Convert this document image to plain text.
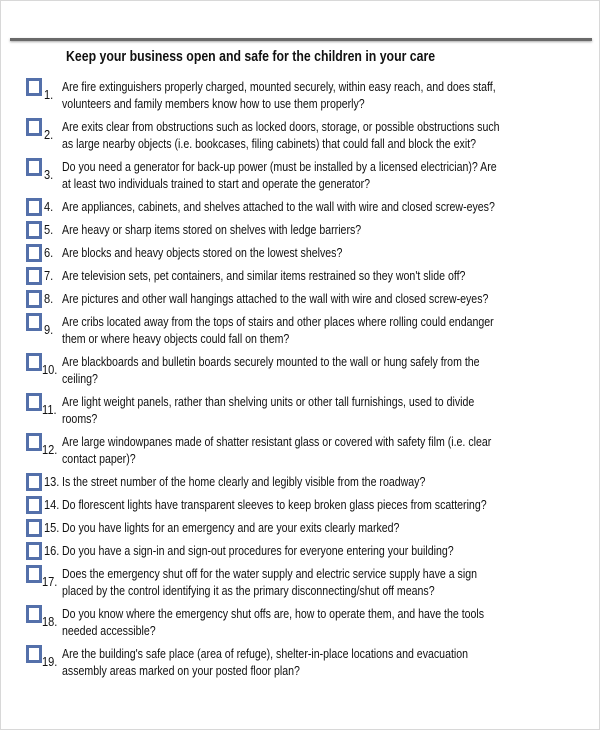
Keep your business open and safe for the children in your care
1.
Are fire extinguishers properly charged, mounted securely, within easy reach, and does staff,
volunteers and family members know how to use them properly?
2.
Are exits clear from obstructions such as locked doors, storage, or possible obstructions such
as large nearby objects (i.e. bookcases, filing cabinets) that could fall and block the exit?
3.
Do you need a generator for back-up power (must be installed by a licensed electrician)? Are
at least two individuals trained to start and operate the generator?
4. Are appliances, cabinets, and shelves attached to the wall with wire and closed screw-eyes?
5. Are heavy or sharp items stored on shelves with ledge barriers?
6. Are blocks and heavy objects stored on the lowest shelves?
7. Are television sets, pet containers, and similar items restrained so they won't slide off?
8. Are pictures and other wall hangings attached to the wall with wire and closed screw-eyes?
9.
Are cribs located away from the tops of stairs and other places where rolling could endanger
them or where heavy objects could fall on them?
10.
Are blackboards and bulletin boards securely mounted to the wall or hung safely from the
ceiling?
11.
Are light weight panels, rather than shelving units or other tall furnishings, used to divide
rooms?
12.
Are large windowpanes made of shatter resistant glass or covered with safety film (i.e. clear
contact paper)?
13. Is the street number of the home clearly and legibly visible from the roadway?
14. Do florescent lights have transparent sleeves to keep broken glass pieces from scattering?
15. Do you have lights for an emergency and are your exits clearly marked?
16. Do you have a sign-in and sign-out procedures for everyone entering your building?
17.
Does the emergency shut off for the water supply and electric service supply have a sign
placed by the control identifying it as the primary disconnecting/shut off means?
18.
Do you know where the emergency shut offs are, how to operate them, and have the tools
needed accessible?
19.
Are the building's safe place (area of refuge), shelter-in-place locations and evacuation
assembly areas marked on your posted floor plan?
